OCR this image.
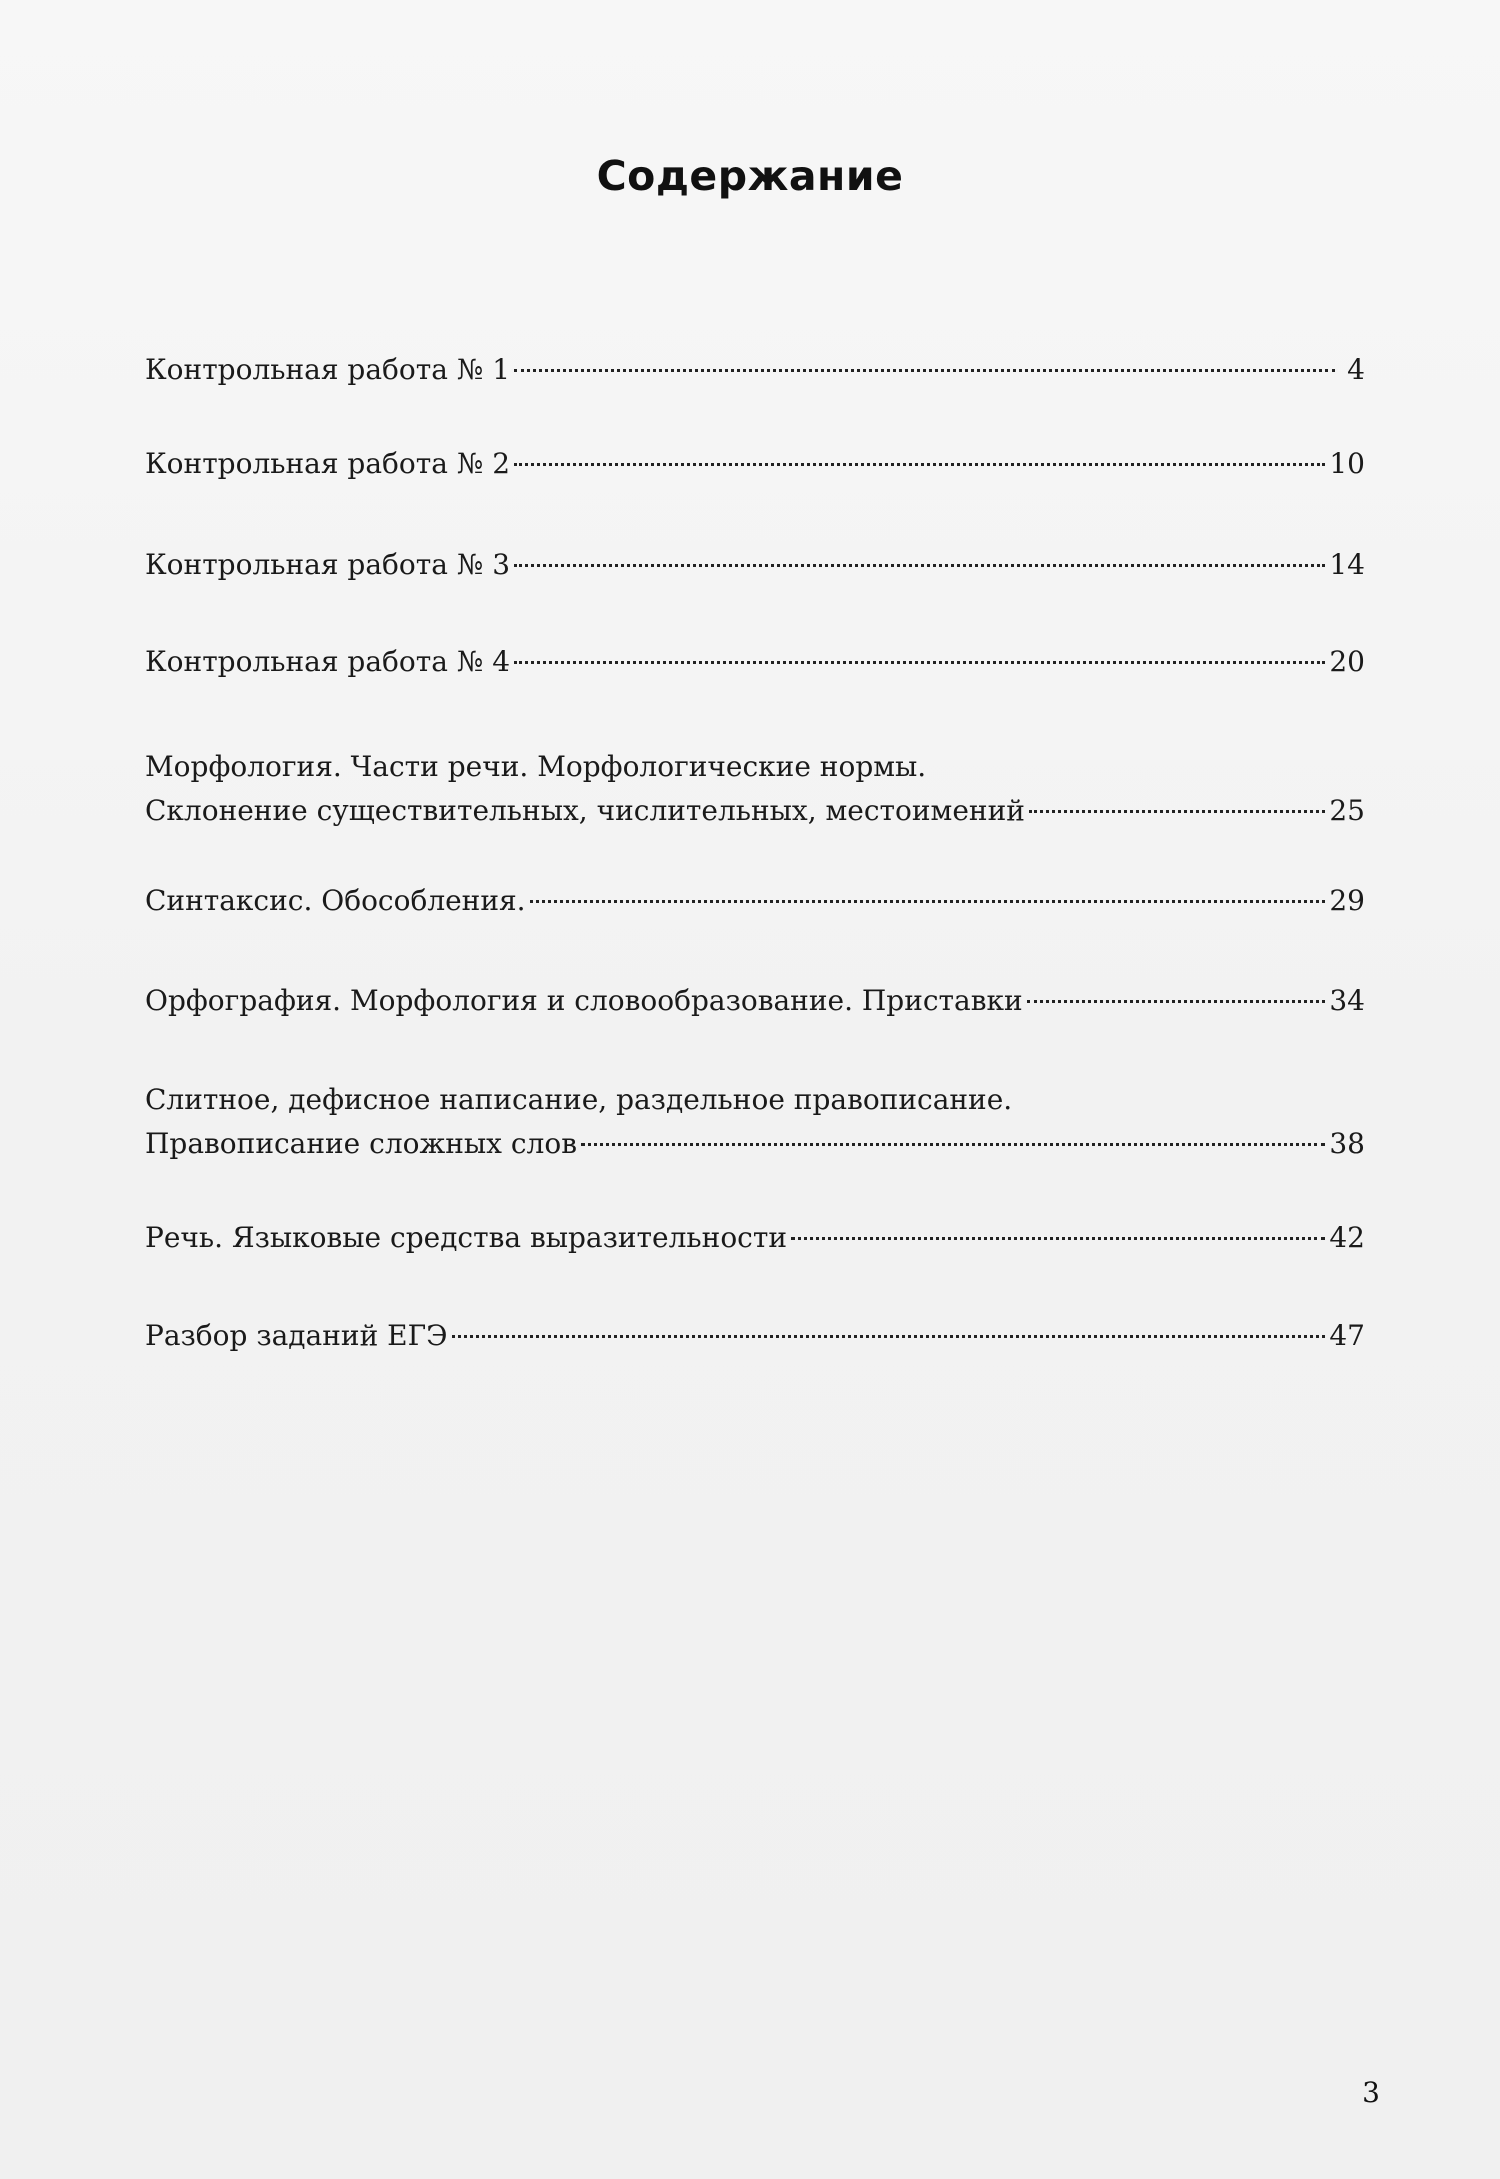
Содержание
Контрольная работа № 1	4
Контрольная работа № 2	10
Контрольная работа № 3	14
Контрольная работа № 4	20
Морфология. Части речи. Морфологические нормы.
Склонение существительных, числительных, местоимений	25
Синтаксис. Обособления.	29
Орфография. Морфология и словообразование. Приставки	34
Слитное, дефисное написание, раздельное правописание.
Правописание сложных слов	38
Речь. Языковые средства выразительности	42
Разбор заданий ЕГЭ	47
3
